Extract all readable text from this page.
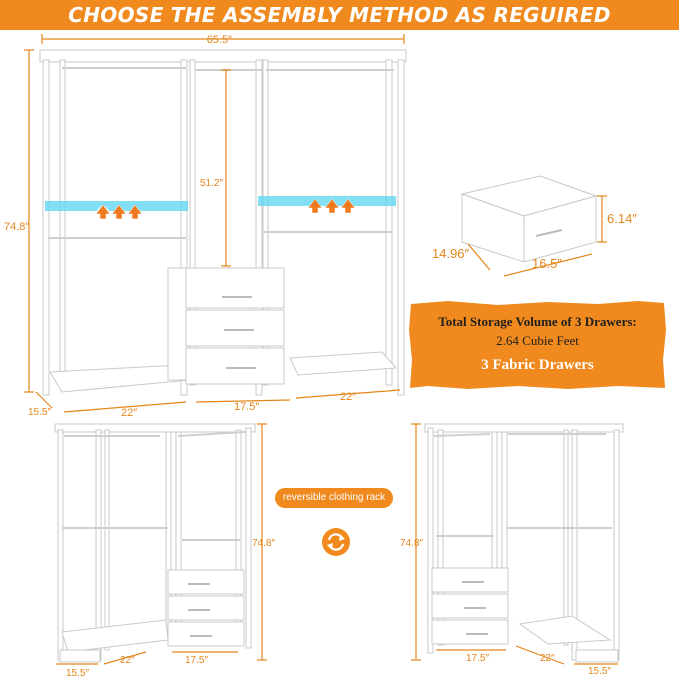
CHOOSE THE ASSEMBLY METHOD AS REGUIRED
65.5″
74.8″
51.2″
15.5″	22″	17.5″
22″
6.14″
14.96″
16.5″
74.8″
15.5″
22″	17.5″
74.8″
17.5″	22″
15.5″
Total Storage Volume of 3 Drawers:
2.64 Cubie Feet
3 Fabric Drawers
reversible clothing rack
